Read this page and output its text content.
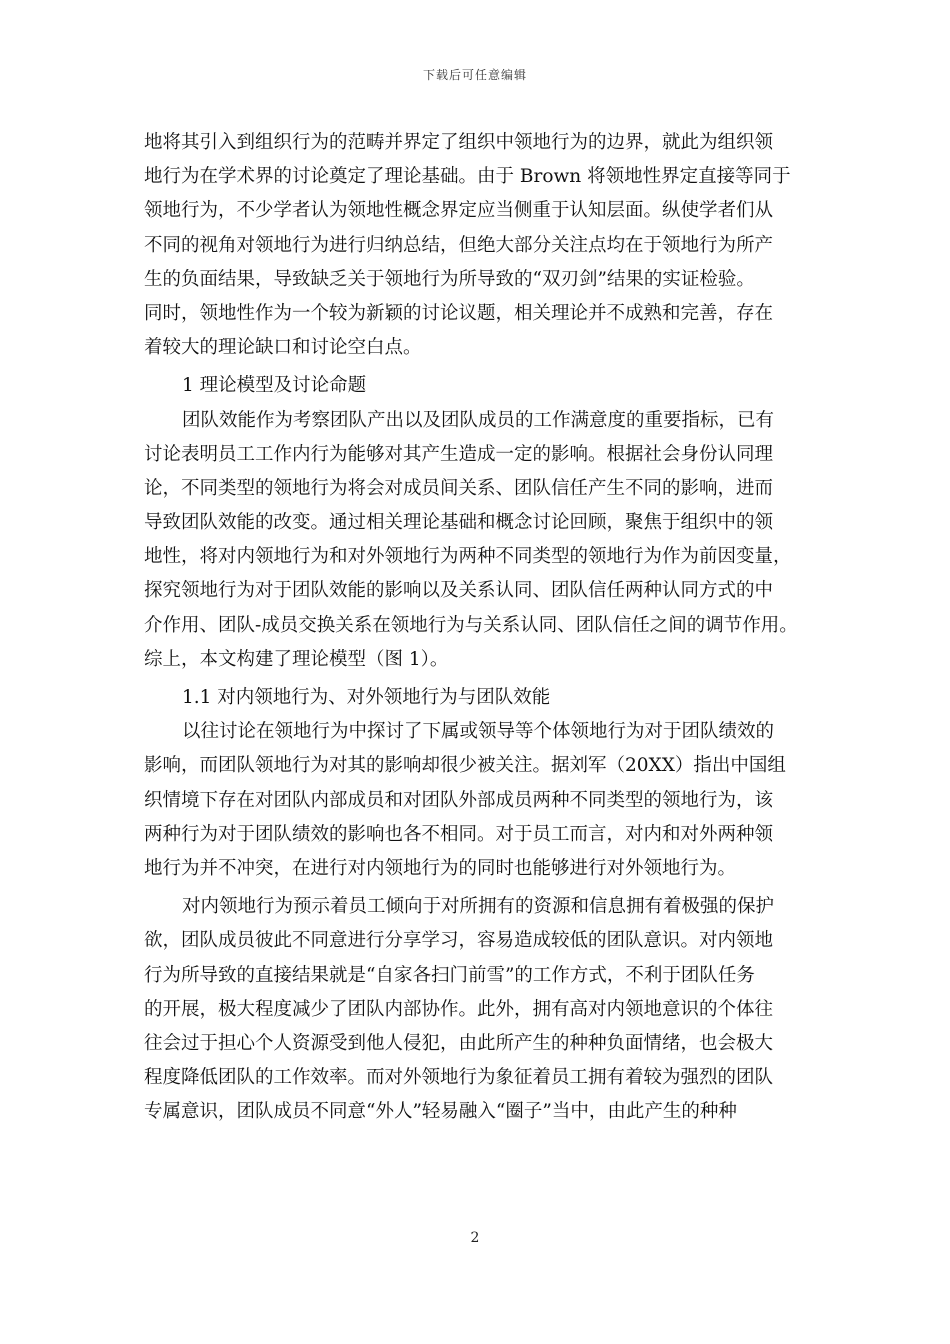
下载后可任意编辑
地将其引入到组织行为的范畴并界定了组织中领地行为的边界，就此为组织领
地行为在学术界的讨论奠定了理论基础。由于 Brown 将领地性界定直接等同于
领地行为，不少学者认为领地性概念界定应当侧重于认知层面。纵使学者们从
不同的视角对领地行为进行归纳总结，但绝大部分关注点均在于领地行为所产
生的负面结果，导致缺乏关于领地行为所导致的“双刃剑”结果的实证检验。
同时，领地性作为一个较为新颖的讨论议题，相关理论并不成熟和完善，存在
着较大的理论缺口和讨论空白点。
1 理论模型及讨论命题
团队效能作为考察团队产出以及团队成员的工作满意度的重要指标，已有
讨论表明员工工作内行为能够对其产生造成一定的影响。根据社会身份认同理
论，不同类型的领地行为将会对成员间关系、团队信任产生不同的影响，进而
导致团队效能的改变。通过相关理论基础和概念讨论回顾，聚焦于组织中的领
地性，将对内领地行为和对外领地行为两种不同类型的领地行为作为前因变量，
探究领地行为对于团队效能的影响以及关系认同、团队信任两种认同方式的中
介作用、团队-成员交换关系在领地行为与关系认同、团队信任之间的调节作用。
综上，本文构建了理论模型（图 1）。
1.1 对内领地行为、对外领地行为与团队效能
以往讨论在领地行为中探讨了下属或领导等个体领地行为对于团队绩效的
影响，而团队领地行为对其的影响却很少被关注。据刘军（20XX）指出中国组
织情境下存在对团队内部成员和对团队外部成员两种不同类型的领地行为，该
两种行为对于团队绩效的影响也各不相同。对于员工而言，对内和对外两种领
地行为并不冲突，在进行对内领地行为的同时也能够进行对外领地行为。
对内领地行为预示着员工倾向于对所拥有的资源和信息拥有着极强的保护
欲，团队成员彼此不同意进行分享学习，容易造成较低的团队意识。对内领地
行为所导致的直接结果就是“自家各扫门前雪”的工作方式，不利于团队任务
的开展，极大程度减少了团队内部协作。此外，拥有高对内领地意识的个体往
往会过于担心个人资源受到他人侵犯，由此所产生的种种负面情绪，也会极大
程度降低团队的工作效率。而对外领地行为象征着员工拥有着较为强烈的团队
专属意识，团队成员不同意“外人”轻易融入“圈子”当中，由此产生的种种
2
